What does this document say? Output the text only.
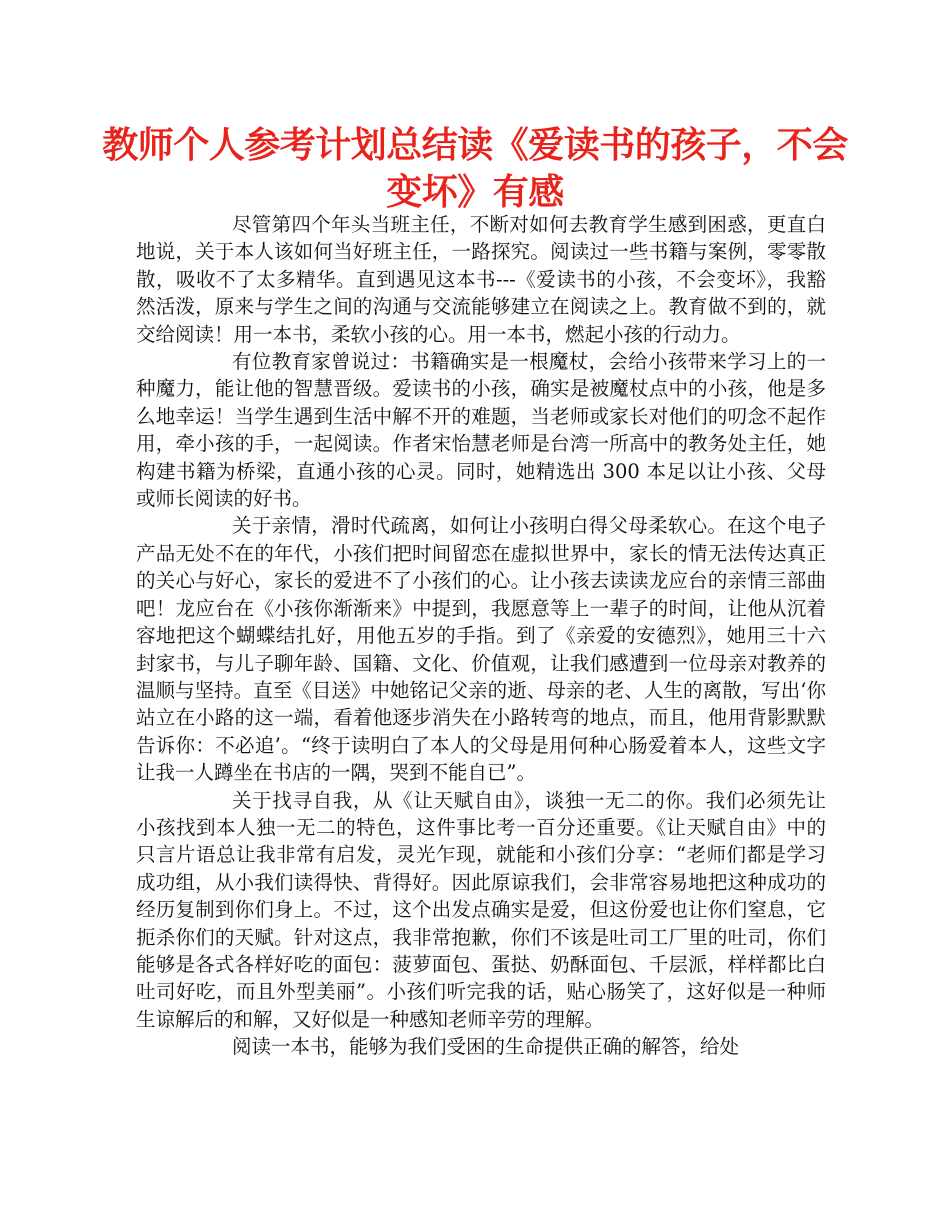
教师个人参考计划总结读《爱读书的孩子，不会变坏》有感

尽管第四个年头当班主任，不断对如何去教育学生感到困惑，更直白地说，关于本人该如何当好班主任，一路探究。阅读过一些书籍与案例，零零散散，吸收不了太多精华。直到遇见这本书---《爱读书的小孩，不会变坏》，我豁然活泼，原来与学生之间的沟通与交流能够建立在阅读之上。教育做不到的，就交给阅读！用一本书，柔软小孩的心。用一本书，燃起小孩的行动力。

有位教育家曾说过：书籍确实是一根魔杖，会给小孩带来学习上的一种魔力，能让他的智慧晋级。爱读书的小孩，确实是被魔杖点中的小孩，他是多么地幸运！当学生遇到生活中解不开的难题，当老师或家长对他们的叨念不起作用，牵小孩的手，一起阅读。作者宋怡慧老师是台湾一所高中的教务处主任，她构建书籍为桥梁，直通小孩的心灵。同时，她精选出 300 本足以让小孩、父母或师长阅读的好书。

关于亲情，滑时代疏离，如何让小孩明白得父母柔软心。在这个电子产品无处不在的年代，小孩们把时间留恋在虚拟世界中，家长的情无法传达真正的关心与好心，家长的爱进不了小孩们的心。让小孩去读读龙应台的亲情三部曲吧！龙应台在《小孩你渐渐来》中提到，我愿意等上一辈子的时间，让他从沉着容地把这个蝴蝶结扎好，用他五岁的手指。到了《亲爱的安德烈》，她用三十六封家书，与儿子聊年龄、国籍、文化、价值观，让我们感遭到一位母亲对教养的温顺与坚持。直至《目送》中她铭记父亲的逝、母亲的老、人生的离散，写出‘你站立在小路的这一端，看着他逐步消失在小路转弯的地点，而且，他用背影默默告诉你：不必追’。“终于读明白了本人的父母是用何种心肠爱着本人，这些文字让我一人蹲坐在书店的一隅，哭到不能自已”。

关于找寻自我，从《让天赋自由》，谈独一无二的你。我们必须先让小孩找到本人独一无二的特色，这件事比考一百分还重要。《让天赋自由》中的只言片语总让我非常有启发，灵光乍现，就能和小孩们分享：“老师们都是学习成功组，从小我们读得快、背得好。因此原谅我们，会非常容易地把这种成功的经历复制到你们身上。不过，这个出发点确实是爱，但这份爱也让你们窒息，它扼杀你们的天赋。针对这点，我非常抱歉，你们不该是吐司工厂里的吐司，你们能够是各式各样好吃的面包：菠萝面包、蛋挞、奶酥面包、千层派，样样都比白吐司好吃，而且外型美丽”。小孩们听完我的话，贴心肠笑了，这好似是一种师生谅解后的和解，又好似是一种感知老师辛劳的理解。

阅读一本书，能够为我们受困的生命提供正确的解答，给处
